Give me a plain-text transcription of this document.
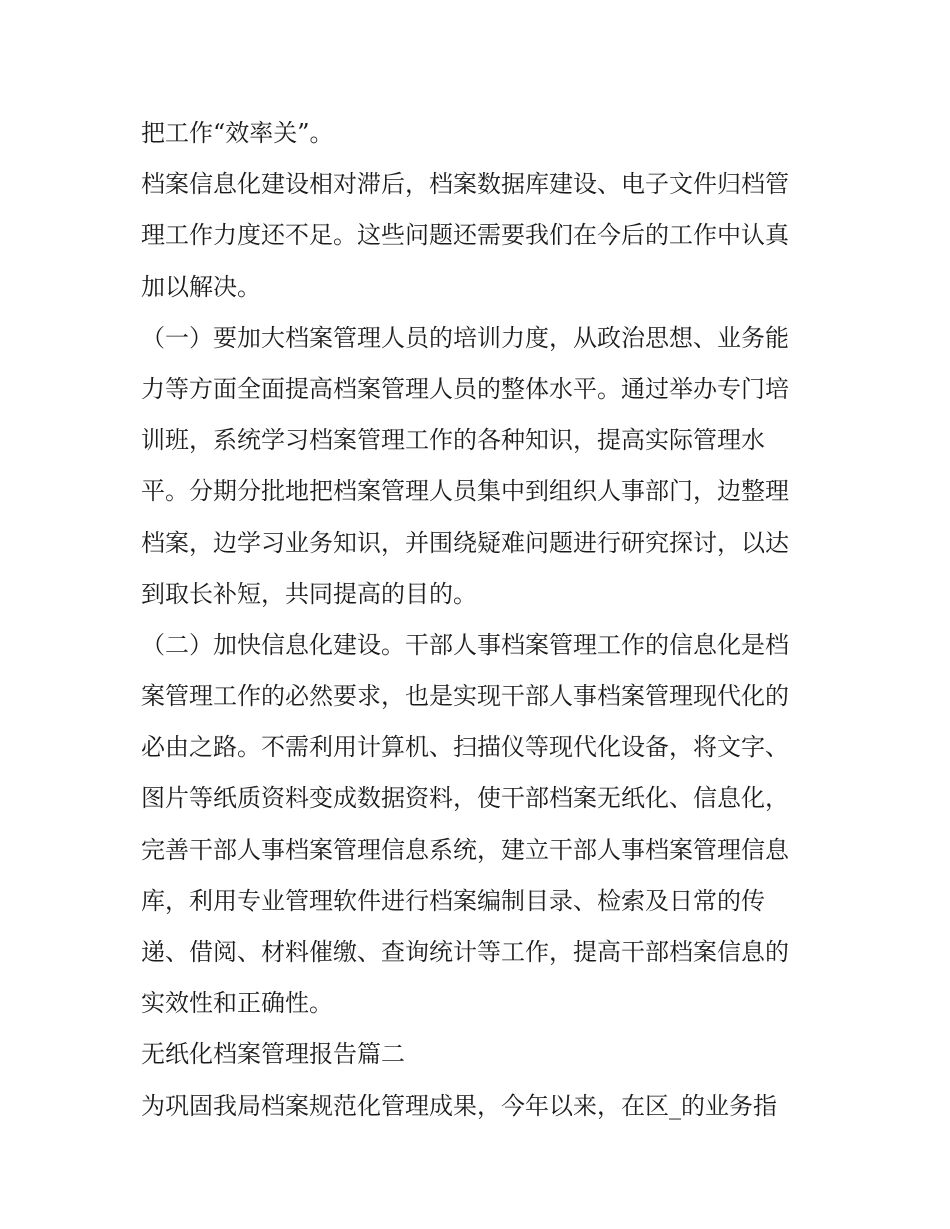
把工作“效率关”。
档案信息化建设相对滞后，档案数据库建设、电子文件归档管
理工作力度还不足。这些问题还需要我们在今后的工作中认真
加以解决。
（一）要加大档案管理人员的培训力度，从政治思想、业务能
力等方面全面提高档案管理人员的整体水平。通过举办专门培
训班，系统学习档案管理工作的各种知识，提高实际管理水
平。分期分批地把档案管理人员集中到组织人事部门，边整理
档案，边学习业务知识，并围绕疑难问题进行研究探讨，以达
到取长补短，共同提高的目的。
（二）加快信息化建设。干部人事档案管理工作的信息化是档
案管理工作的必然要求，也是实现干部人事档案管理现代化的
必由之路。不需利用计算机、扫描仪等现代化设备，将文字、
图片等纸质资料变成数据资料，使干部档案无纸化、信息化，
完善干部人事档案管理信息系统，建立干部人事档案管理信息
库，利用专业管理软件进行档案编制目录、检索及日常的传
递、借阅、材料催缴、查询统计等工作，提高干部档案信息的
实效性和正确性。
无纸化档案管理报告篇二
为巩固我局档案规范化管理成果，今年以来，在区_的业务指
